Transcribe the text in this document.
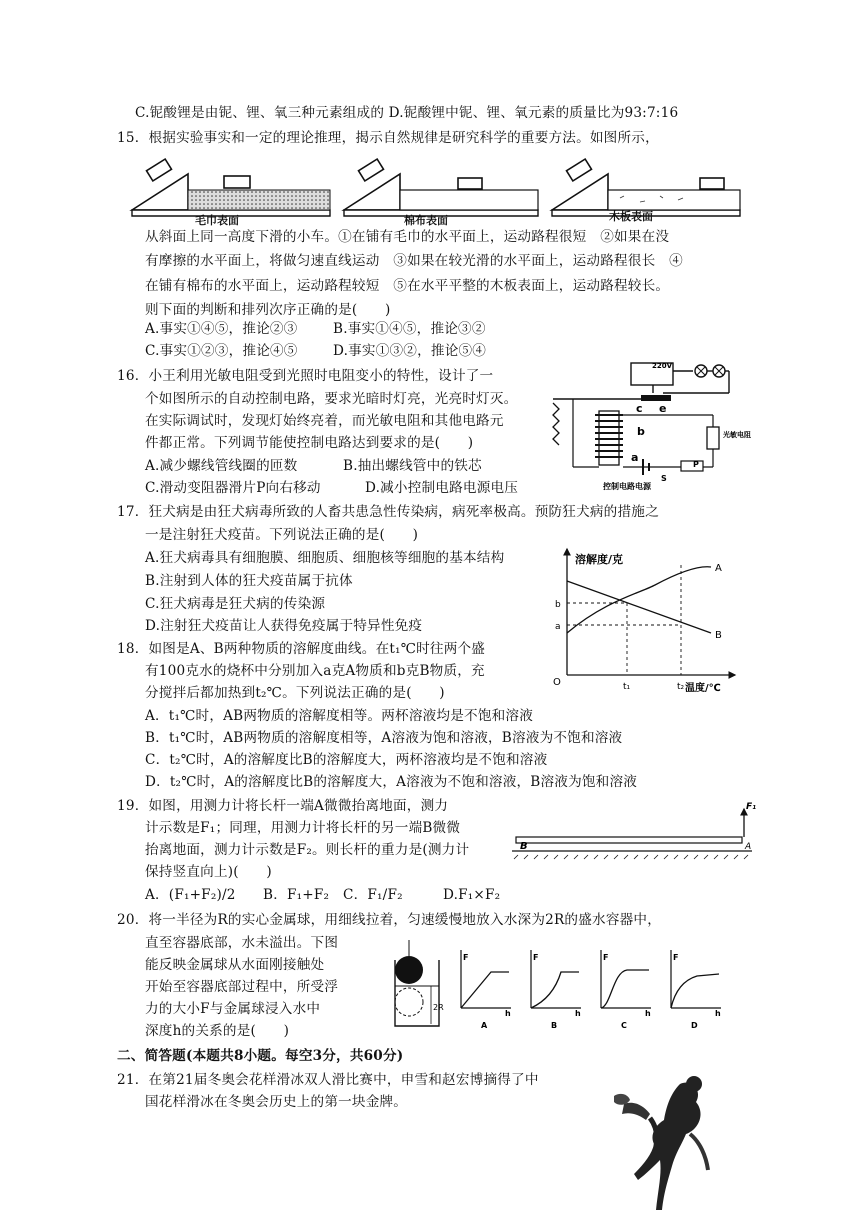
C.铌酸锂是由铌、锂、氧三种元素组成的 D.铌酸锂中铌、锂、氧元素的质量比为93:7:16
15．根据实验事实和一定的理论推理，揭示自然规律是研究科学的重要方法。如图所示，
毛巾表面	棉布表面	木板表面
从斜面上同一高度下滑的小车。①在铺有毛巾的水平面上，运动路程很短　②如果在没
有摩擦的水平面上，将做匀速直线运动　③如果在较光滑的水平面上，运动路程很长　④
在铺有棉布的水平面上，运动路程较短　⑤在水平平整的木板表面上，运动路程较长。
则下面的判断和排列次序正确的是(　　)
A.事实①④⑤，推论②③	B.事实①④⑤，推论③②
C.事实①②③，推论④⑤	D.事实①③②，推论⑤④
16．小王利用光敏电阻受到光照时电阻变小的特性，设计了一
个如图所示的自动控制电路，要求光暗时灯亮，光亮时灯灭。
在实际调试时，发现灯始终亮着，而光敏电阻和其他电路元
件都正常。下列调节能使控制电路达到要求的是(　　)
A.减少螺线管线圈的匝数	B.抽出螺线管中的铁芯
C.滑动变阻器滑片P向右移动	D.减小控制电路电源电压
220V
c e
b
a
S
P
光敏电阻
控制电路电源
17．狂犬病是由狂犬病毒所致的人畜共患急性传染病，病死率极高。预防狂犬病的措施之
一是注射狂犬疫苗。下列说法正确的是(　　)
A.狂犬病毒具有细胞膜、细胞质、细胞核等细胞的基本结构
B.注射到人体的狂犬疫苗属于抗体
C.狂犬病毒是狂犬病的传染源
D.注射狂犬疫苗让人获得免疫属于特异性免疫
溶解度/克
温度/℃
O
A
B
b
a
t₁	t₂
18．如图是A、B两种物质的溶解度曲线。在t₁℃时往两个盛
有100克水的烧杯中分别加入a克A物质和b克B物质，充
分搅拌后都加热到t₂℃。下列说法正确的是(　　)
A．t₁℃时，AB两物质的溶解度相等。两杯溶液均是不饱和溶液
B．t₁℃时，AB两物质的溶解度相等，A溶液为饱和溶液，B溶液为不饱和溶液
C．t₂℃时，A的溶解度比B的溶解度大，两杯溶液均是不饱和溶液
D．t₂℃时，A的溶解度比B的溶解度大，A溶液为不饱和溶液，B溶液为饱和溶液
19．如图，用测力计将长杆一端A微微抬离地面，测力
计示数是F₁；同理，用测力计将长杆的另一端B微微
抬离地面，测力计示数是F₂。则长杆的重力是(测力计
保持竖直向上)(　　)
A．(F₁+F₂)/2 B．F₁+F₂ C．F₁/F₂	D.F₁×F₂
F₁
A
B
20．将一半径为R的实心金属球，用细线拉着，匀速缓慢地放入水深为2R的盛水容器中，
直至容器底部，水未溢出。下图
能反映金属球从水面刚接触处
开始至容器底部过程中，所受浮
力的大小F与金属球浸入水中
深度h的关系的是(　　)
2R
F
h
A
F
h
B
F
h
C
F
h
D
二、简答题(本题共8小题。每空3分，共60分)
21．在第21届冬奥会花样滑冰双人滑比赛中，申雪和赵宏博摘得了中
国花样滑冰在冬奥会历史上的第一块金牌。
